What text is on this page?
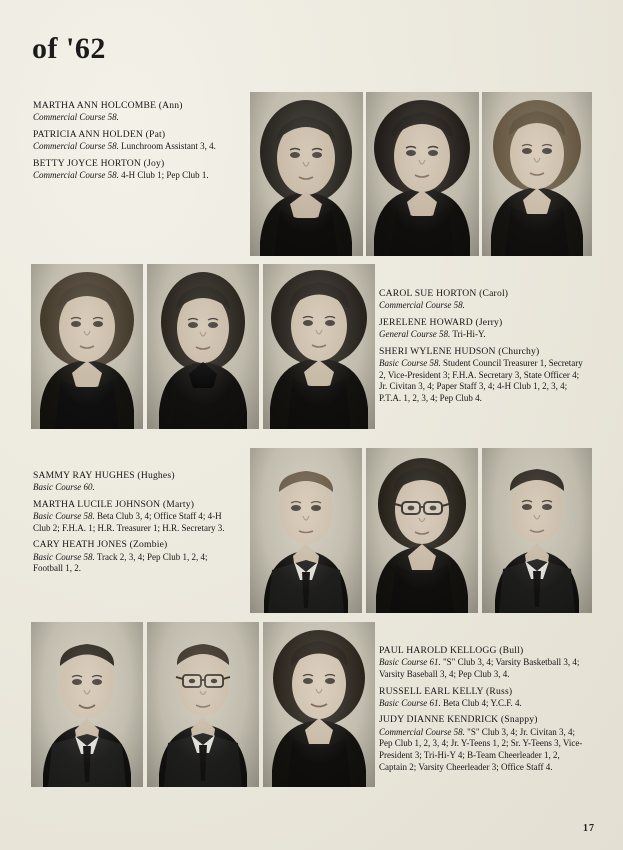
of '62
MARTHA ANN HOLCOMBE (Ann)
Commercial Course 58.
PATRICIA ANN HOLDEN (Pat)
Commercial Course 58. Lunchroom Assistant 3, 4.
BETTY JOYCE HORTON (Joy)
Commercial Course 58. 4-H Club 1; Pep Club 1.
CAROL SUE HORTON (Carol)
Commercial Course 58.
JERELENE HOWARD (Jerry)
General Course 58. Tri-Hi-Y.
SHERI WYLENE HUDSON (Churchy)
Basic Course 58. Student Council Treasurer 1, Secretary 2, Vice-President 3; F.H.A. Secretary 3, State Officer 4; Jr. Civitan 3, 4; Paper Staff 3, 4; 4-H Club 1, 2, 3, 4; P.T.A. 1, 2, 3, 4; Pep Club 4.
SAMMY RAY HUGHES (Hughes)
Basic Course 60.
MARTHA LUCILE JOHNSON (Marty)
Basic Course 58. Beta Club 3, 4; Office Staff 4; 4-H Club 2; F.H.A. 1; H.R. Treasurer 1; H.R. Secretary 3.
CARY HEATH JONES (Zombie)
Basic Course 58. Track 2, 3, 4; Pep Club 1, 2, 4; Football 1, 2.
PAUL HAROLD KELLOGG (Bull)
Basic Course 61. "S" Club 3, 4; Varsity Basketball 3, 4; Varsity Baseball 3, 4; Pep Club 3, 4.
RUSSELL EARL KELLY (Russ)
Basic Course 61. Beta Club 4; Y.C.F. 4.
JUDY DIANNE KENDRICK (Snappy)
Commercial Course 58. "S" Club 3, 4; Jr. Civitan 3, 4; Pep Club 1, 2, 3, 4; Jr. Y-Teens 1, 2; Sr. Y-Teens 3, Vice-President 3; Tri-Hi-Y 4; B-Team Cheerleader 1, 2, Captain 2; Varsity Cheerleader 3; Office Staff 4.
17
